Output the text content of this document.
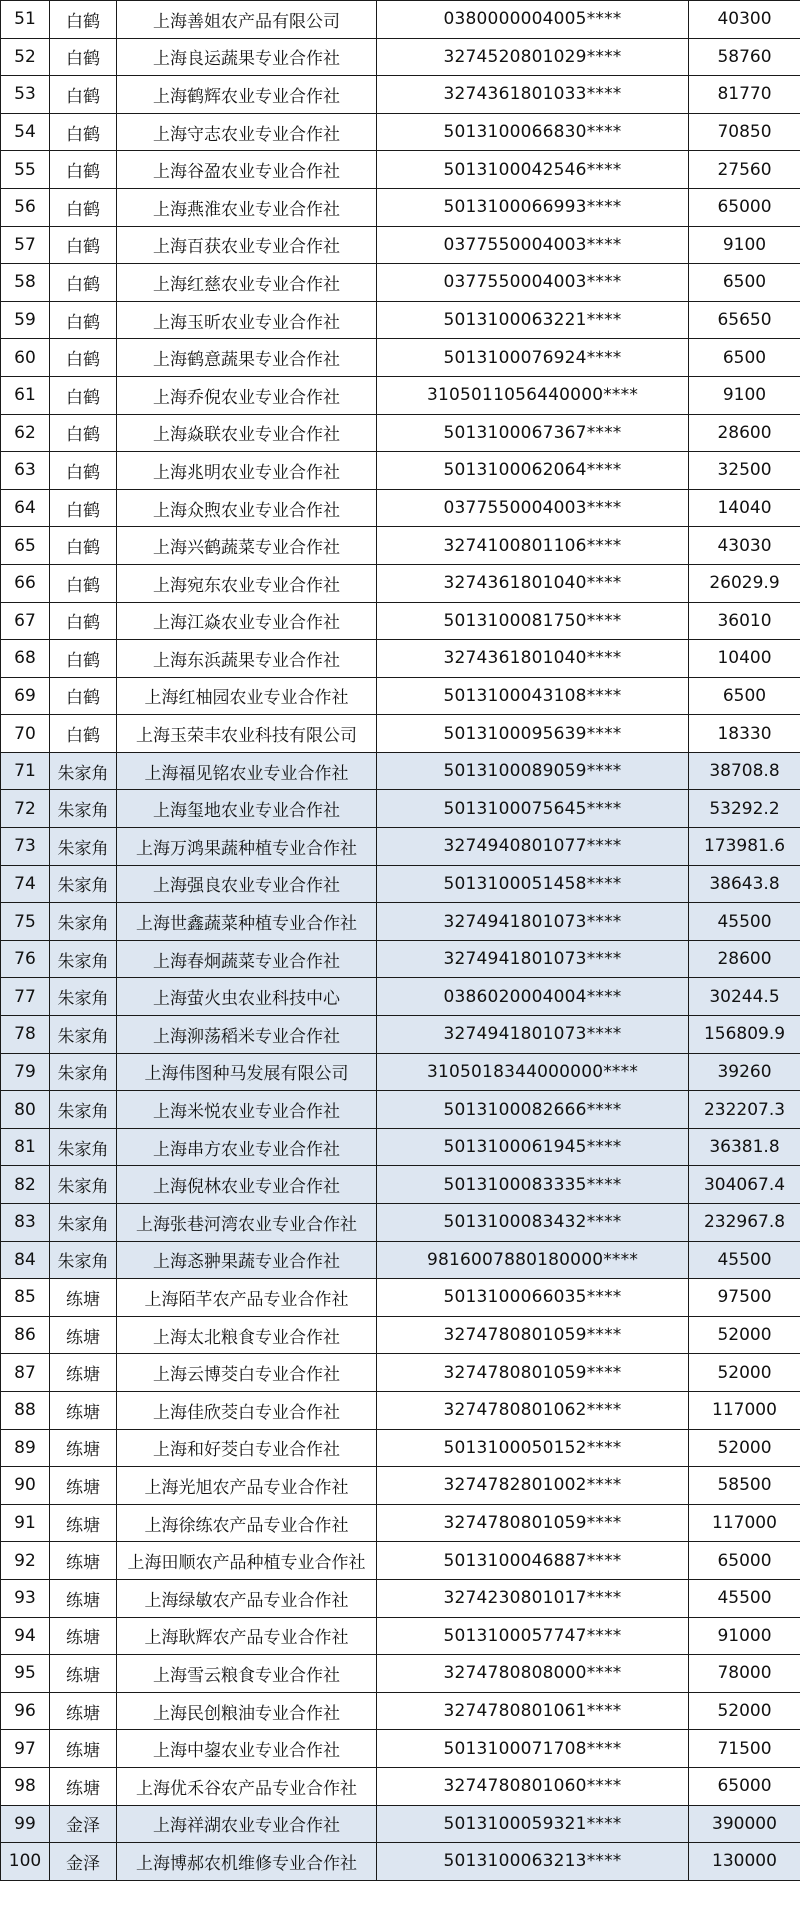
51	白鹤	上海善姐农产品有限公司	0380000004005****	40300
52	白鹤	上海良运蔬果专业合作社	3274520801029****	58760
53	白鹤	上海鹤辉农业专业合作社	3274361801033****	81770
54	白鹤	上海守志农业专业合作社	5013100066830****	70850
55	白鹤	上海谷盈农业专业合作社	5013100042546****	27560
56	白鹤	上海燕淮农业专业合作社	5013100066993****	65000
57	白鹤	上海百获农业专业合作社	0377550004003****	9100
58	白鹤	上海红慈农业专业合作社	0377550004003****	6500
59	白鹤	上海玉昕农业专业合作社	5013100063221****	65650
60	白鹤	上海鹤意蔬果专业合作社	5013100076924****	6500
61	白鹤	上海乔倪农业专业合作社	3105011056440000****	9100
62	白鹤	上海焱联农业专业合作社	5013100067367****	28600
63	白鹤	上海兆明农业专业合作社	5013100062064****	32500
64	白鹤	上海众煦农业专业合作社	0377550004003****	14040
65	白鹤	上海兴鹤蔬菜专业合作社	3274100801106****	43030
66	白鹤	上海宛东农业专业合作社	3274361801040****	26029.9
67	白鹤	上海江焱农业专业合作社	5013100081750****	36010
68	白鹤	上海东浜蔬果专业合作社	3274361801040****	10400
69	白鹤	上海红柚园农业专业合作社	5013100043108****	6500
70	白鹤	上海玉荣丰农业科技有限公司	5013100095639****	18330
71	朱家角	上海福见铭农业专业合作社	5013100089059****	38708.8
72	朱家角	上海玺地农业专业合作社	5013100075645****	53292.2
73	朱家角	上海万鸿果蔬种植专业合作社	3274940801077****	173981.6
74	朱家角	上海强良农业专业合作社	5013100051458****	38643.8
75	朱家角	上海世鑫蔬菜种植专业合作社	3274941801073****	45500
76	朱家角	上海春炯蔬菜专业合作社	3274941801073****	28600
77	朱家角	上海萤火虫农业科技中心	0386020004004****	30244.5
78	朱家角	上海泖荡稻米专业合作社	3274941801073****	156809.9
79	朱家角	上海伟图种马发展有限公司	3105018344000000****	39260
80	朱家角	上海米悦农业专业合作社	5013100082666****	232207.3
81	朱家角	上海串方农业专业合作社	5013100061945****	36381.8
82	朱家角	上海倪林农业专业合作社	5013100083335****	304067.4
83	朱家角	上海张巷河湾农业专业合作社	5013100083432****	232967.8
84	朱家角	上海忞翀果蔬专业合作社	9816007880180000****	45500
85	练塘	上海陌芊农产品专业合作社	5013100066035****	97500
86	练塘	上海太北粮食专业合作社	3274780801059****	52000
87	练塘	上海云博茭白专业合作社	3274780801059****	52000
88	练塘	上海佳欣茭白专业合作社	3274780801062****	117000
89	练塘	上海和好茭白专业合作社	5013100050152****	52000
90	练塘	上海光旭农产品专业合作社	3274782801002****	58500
91	练塘	上海徐练农产品专业合作社	3274780801059****	117000
92	练塘	上海田顺农产品种植专业合作社	5013100046887****	65000
93	练塘	上海绿敏农产品专业合作社	3274230801017****	45500
94	练塘	上海耿辉农产品专业合作社	5013100057747****	91000
95	练塘	上海雪云粮食专业合作社	3274780808000****	78000
96	练塘	上海民创粮油专业合作社	3274780801061****	52000
97	练塘	上海中鋆农业专业合作社	5013100071708****	71500
98	练塘	上海优禾谷农产品专业合作社	3274780801060****	65000
99	金泽	上海祥湖农业专业合作社	5013100059321****	390000
100	金泽	上海博郝农机维修专业合作社	5013100063213****	130000
